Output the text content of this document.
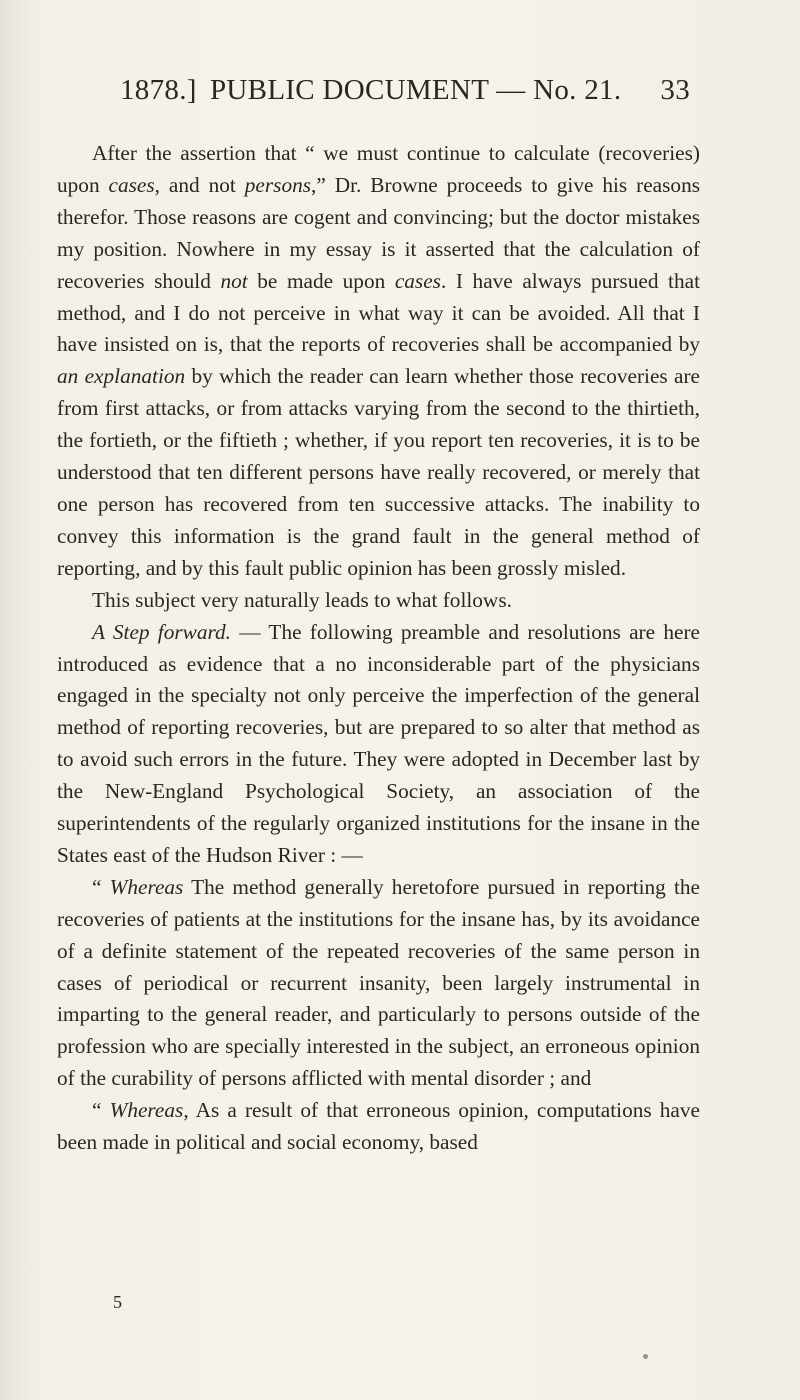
1878.] PUBLIC DOCUMENT — No. 21. 33

After the assertion that “ we must continue to calculate (recoveries) upon cases, and not persons,” Dr. Browne proceeds to give his reasons therefor. Those reasons are cogent and convincing; but the doctor mistakes my position. Nowhere in my essay is it asserted that the calculation of recoveries should not be made upon cases. I have always pursued that method, and I do not perceive in what way it can be avoided. All that I have insisted on is, that the reports of recoveries shall be accompanied by an explanation by which the reader can learn whether those recoveries are from first attacks, or from attacks varying from the second to the thirtieth, the fortieth, or the fiftieth ; whether, if you report ten recoveries, it is to be understood that ten different persons have really recovered, or merely that one person has recovered from ten successive attacks. The inability to convey this information is the grand fault in the general method of reporting, and by this fault public opinion has been grossly misled.

This subject very naturally leads to what follows.

A Step forward. — The following preamble and resolutions are here introduced as evidence that a no inconsiderable part of the physicians engaged in the specialty not only perceive the imperfection of the general method of reporting recoveries, but are prepared to so alter that method as to avoid such errors in the future. They were adopted in December last by the New-England Psychological Society, an association of the superintendents of the regularly organized institutions for the insane in the States east of the Hudson River : —

“ Whereas The method generally heretofore pursued in reporting the recoveries of patients at the institutions for the insane has, by its avoidance of a definite statement of the repeated recoveries of the same person in cases of periodical or recurrent insanity, been largely instrumental in imparting to the general reader, and particularly to persons outside of the profession who are specially interested in the subject, an erroneous opinion of the curability of persons afflicted with mental disorder ; and

“ Whereas, As a result of that erroneous opinion, computations have been made in political and social economy, based

5
